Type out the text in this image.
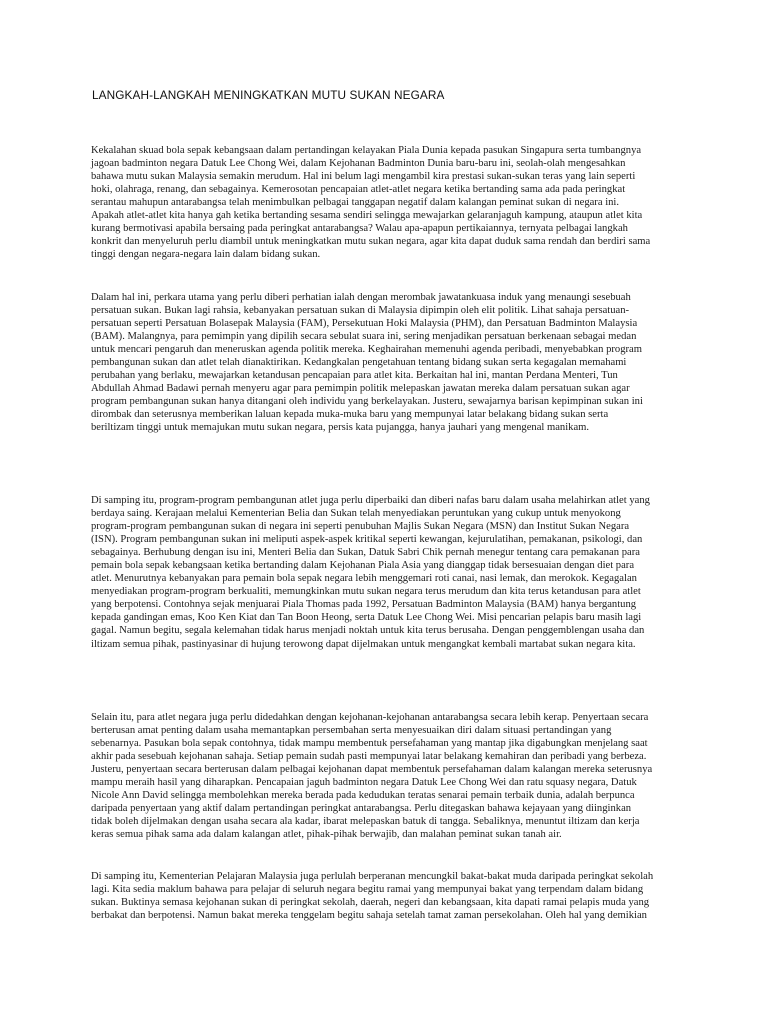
LANGKAH-LANGKAH MENINGKATKAN MUTU SUKAN NEGARA
Kekalahan skuad bola sepak kebangsaan dalam pertandingan kelayakan Piala Dunia kepada pasukan Singapura serta tumbangnya
jagoan badminton negara Datuk Lee Chong Wei, dalam Kejohanan Badminton Dunia baru-baru ini, seolah-olah mengesahkan
bahawa mutu sukan Malaysia semakin merudum. Hal ini belum lagi mengambil kira prestasi sukan-sukan teras yang lain seperti
hoki, olahraga, renang, dan sebagainya. Kemerosotan pencapaian atlet-atlet negara ketika bertanding sama ada pada peringkat
serantau mahupun antarabangsa telah menimbulkan pelbagai tanggapan negatif dalam kalangan peminat sukan di negara ini.
Apakah atlet-atlet kita hanya gah ketika bertanding sesama sendiri selingga mewajarkan gelaranjaguh kampung, ataupun atlet kita
kurang bermotivasi apabila bersaing pada peringkat antarabangsa? Walau apa-apapun pertikaiannya, ternyata pelbagai langkah
konkrit dan menyeluruh perlu diambil untuk meningkatkan mutu sukan negara, agar kita dapat duduk sama rendah dan berdiri sama
tinggi dengan negara-negara lain dalam bidang sukan.
Dalam hal ini, perkara utama yang perlu diberi perhatian ialah dengan merombak jawatankuasa induk yang menaungi sesebuah
persatuan sukan. Bukan lagi rahsia, kebanyakan persatuan sukan di Malaysia dipimpin oleh elit politik. Lihat sahaja persatuan-
persatuan seperti Persatuan Bolasepak Malaysia (FAM), Persekutuan Hoki Malaysia (PHM), dan Persatuan Badminton Malaysia
(BAM). Malangnya, para pemimpin yang dipilih secara sebulat suara ini, sering menjadikan persatuan berkenaan sebagai medan
untuk mencari pengaruh dan meneruskan agenda politik mereka. Keghairahan memenuhi agenda peribadi, menyebabkan program
pembangunan sukan dan atlet telah dianaktirikan. Kedangkalan pengetahuan tentang bidang sukan serta kegagalan memahami
perubahan yang berlaku, mewajarkan ketandusan pencapaian para atlet kita. Berkaitan hal ini, mantan Perdana Menteri, Tun
Abdullah Ahmad Badawi pernah menyeru agar para pemimpin politik melepaskan jawatan mereka dalam persatuan sukan agar
program pembangunan sukan hanya ditangani oleh individu yang berkelayakan. Justeru, sewajarnya barisan kepimpinan sukan ini
dirombak dan seterusnya memberikan laluan kepada muka-muka baru yang mempunyai latar belakang bidang sukan serta
beriltizam tinggi untuk memajukan mutu sukan negara, persis kata pujangga, hanya jauhari yang mengenal manikam.
Di samping itu, program-program pembangunan atlet juga perlu diperbaiki dan diberi nafas baru dalam usaha melahirkan atlet yang
berdaya saing. Kerajaan melalui Kementerian Belia dan Sukan telah menyediakan peruntukan yang cukup untuk menyokong
program-program pembangunan sukan di negara ini seperti penubuhan Majlis Sukan Negara (MSN) dan Institut Sukan Negara
(ISN). Program pembangunan sukan ini meliputi aspek-aspek kritikal seperti kewangan, kejurulatihan, pemakanan, psikologi, dan
sebagainya. Berhubung dengan isu ini, Menteri Belia dan Sukan, Datuk Sabri Chik pernah menegur tentang cara pemakanan para
pemain bola sepak kebangsaan ketika bertanding dalam Kejohanan Piala Asia yang dianggap tidak bersesuaian dengan diet para
atlet. Menurutnya kebanyakan para pemain bola sepak negara lebih menggemari roti canai, nasi lemak, dan merokok. Kegagalan
menyediakan program-program berkualiti, memungkinkan mutu sukan negara terus merudum dan kita terus ketandusan para atlet
yang berpotensi. Contohnya sejak menjuarai Piala Thomas pada 1992, Persatuan Badminton Malaysia (BAM) hanya bergantung
kepada gandingan emas, Koo Ken Kiat dan Tan Boon Heong, serta Datuk Lee Chong Wei. Misi pencarian pelapis baru masih lagi
gagal. Namun begitu, segala kelemahan tidak harus menjadi noktah untuk kita terus berusaha. Dengan penggemblengan usaha dan
iltizam semua pihak, pastinyasinar di hujung terowong dapat dijelmakan untuk mengangkat kembali martabat sukan negara kita.
Selain itu, para atlet negara juga perlu didedahkan dengan kejohanan-kejohanan antarabangsa secara lebih kerap. Penyertaan secara
berterusan amat penting dalam usaha memantapkan persembahan serta menyesuaikan diri dalam situasi pertandingan yang
sebenarnya. Pasukan bola sepak contohnya, tidak mampu membentuk persefahaman yang mantap jika digabungkan menjelang saat
akhir pada sesebuah kejohanan sahaja. Setiap pemain sudah pasti mempunyai latar belakang kemahiran dan peribadi yang berbeza.
Justeru, penyertaan secara berterusan dalam pelbagai kejohanan dapat membentuk persefahaman dalam kalangan mereka seterusnya
mampu meraih hasil yang diharapkan. Pencapaian jaguh badminton negara Datuk Lee Chong Wei dan ratu squasy negara, Datuk
Nicole Ann David selingga membolehkan mereka berada pada kedudukan teratas senarai pemain terbaik dunia, adalah berpunca
daripada penyertaan yang aktif dalam pertandingan peringkat antarabangsa. Perlu ditegaskan bahawa kejayaan yang diinginkan
tidak boleh dijelmakan dengan usaha secara ala kadar, ibarat melepaskan batuk di tangga. Sebaliknya, menuntut iltizam dan kerja
keras semua pihak sama ada dalam kalangan atlet, pihak-pihak berwajib, dan malahan peminat sukan tanah air.
Di samping itu, Kementerian Pelajaran Malaysia juga perlulah berperanan mencungkil bakat-bakat muda daripada peringkat sekolah
lagi. Kita sedia maklum bahawa para pelajar di seluruh negara begitu ramai yang mempunyai bakat yang terpendam dalam bidang
sukan. Buktinya semasa kejohanan sukan di peringkat sekolah, daerah, negeri dan kebangsaan, kita dapati ramai pelapis muda yang
berbakat dan berpotensi. Namun bakat mereka tenggelam begitu sahaja setelah tamat zaman persekolahan. Oleh hal yang demikian
